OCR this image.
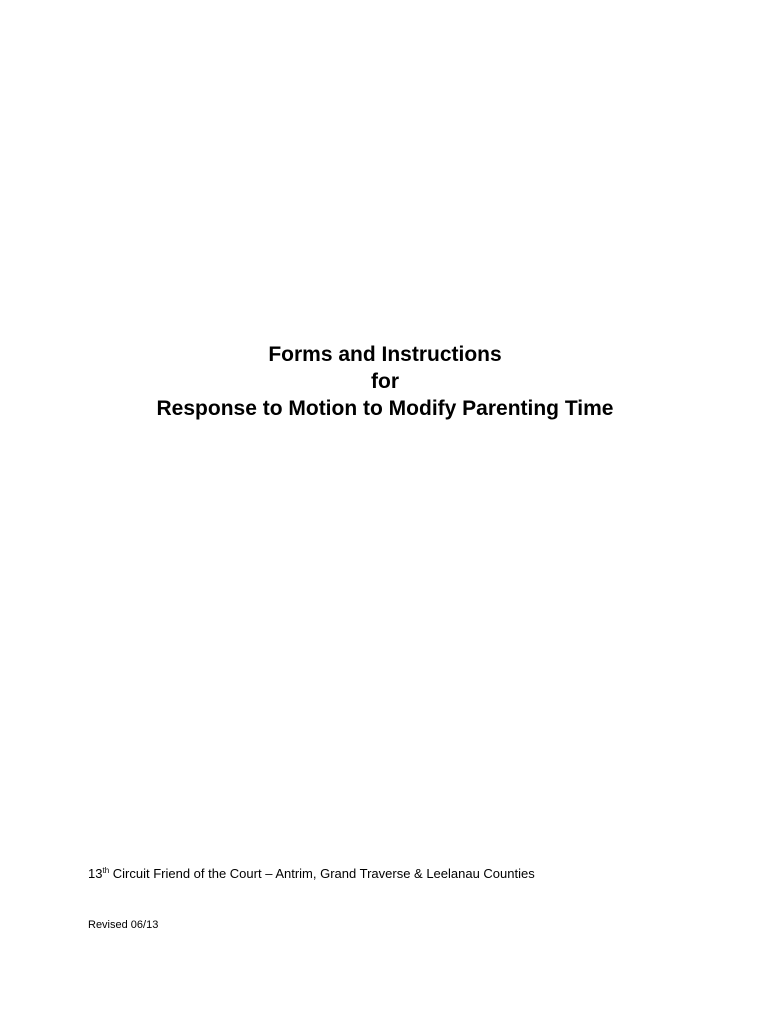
Forms and Instructions
for
Response to Motion to Modify Parenting Time
13th Circuit Friend of the Court – Antrim, Grand Traverse & Leelanau Counties
Revised 06/13
